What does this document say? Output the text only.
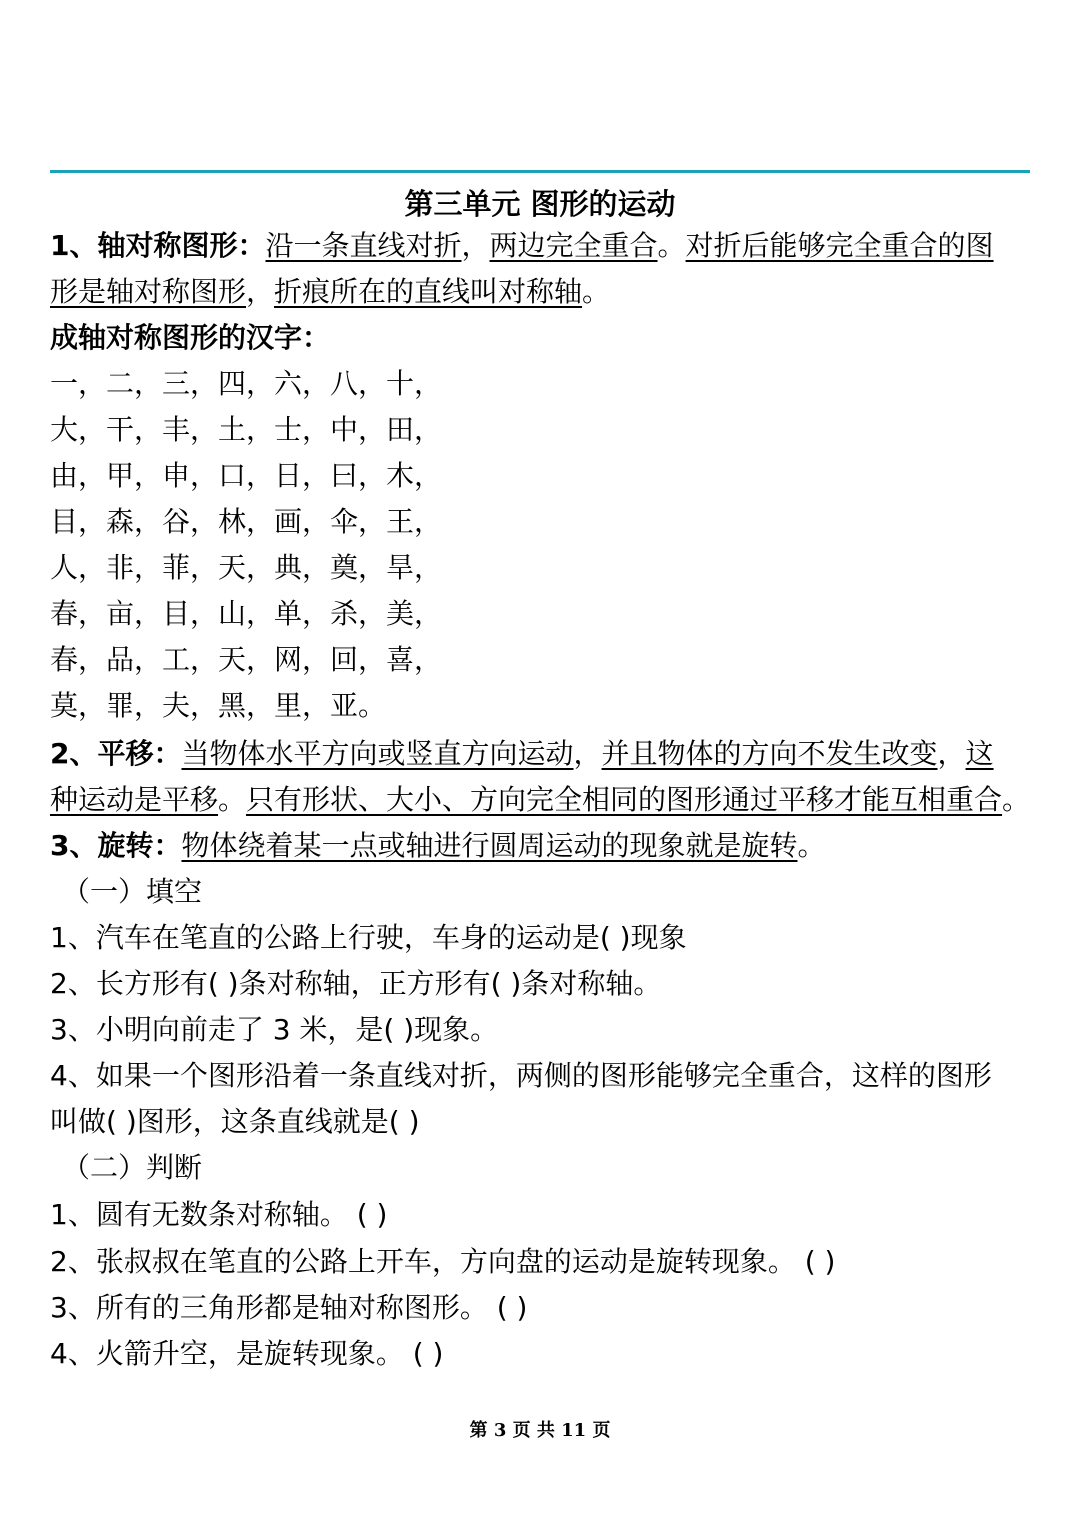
第三单元 图形的运动
1、轴对称图形：沿一条直线对折，两边完全重合。对折后能够完全重合的图
形是轴对称图形，折痕所在的直线叫对称轴。
成轴对称图形的汉字：
一，二，三，四，六，八，十，
大，干，丰，土，士，中，田，
由，甲，申，口，日，曰，木，
目，森，谷，林，画，伞，王，
人，非，菲，天，典，奠，旱，
春，亩，目，山，单，杀，美，
春，品，工，天，网，回，喜，
莫，罪，夫，黑，里，亚。
2、平移：当物体水平方向或竖直方向运动，并且物体的方向不发生改变，这
种运动是平移。只有形状、大小、方向完全相同的图形通过平移才能互相重合。
3、旋转：物体绕着某一点或轴进行圆周运动的现象就是旋转。
（一）填空
1、汽车在笔直的公路上行驶，车身的运动是( )现象
2、长方形有( )条对称轴，正方形有( )条对称轴。
3、小明向前走了 3 米，是( )现象。
4、如果一个图形沿着一条直线对折，两侧的图形能够完全重合，这样的图形
叫做( )图形，这条直线就是( )
（二）判断
1、圆有无数条对称轴。 ( )
2、张叔叔在笔直的公路上开车，方向盘的运动是旋转现象。 ( )
3、所有的三角形都是轴对称图形。 ( )
4、火箭升空，是旋转现象。 ( )
第 3 页 共 11 页
